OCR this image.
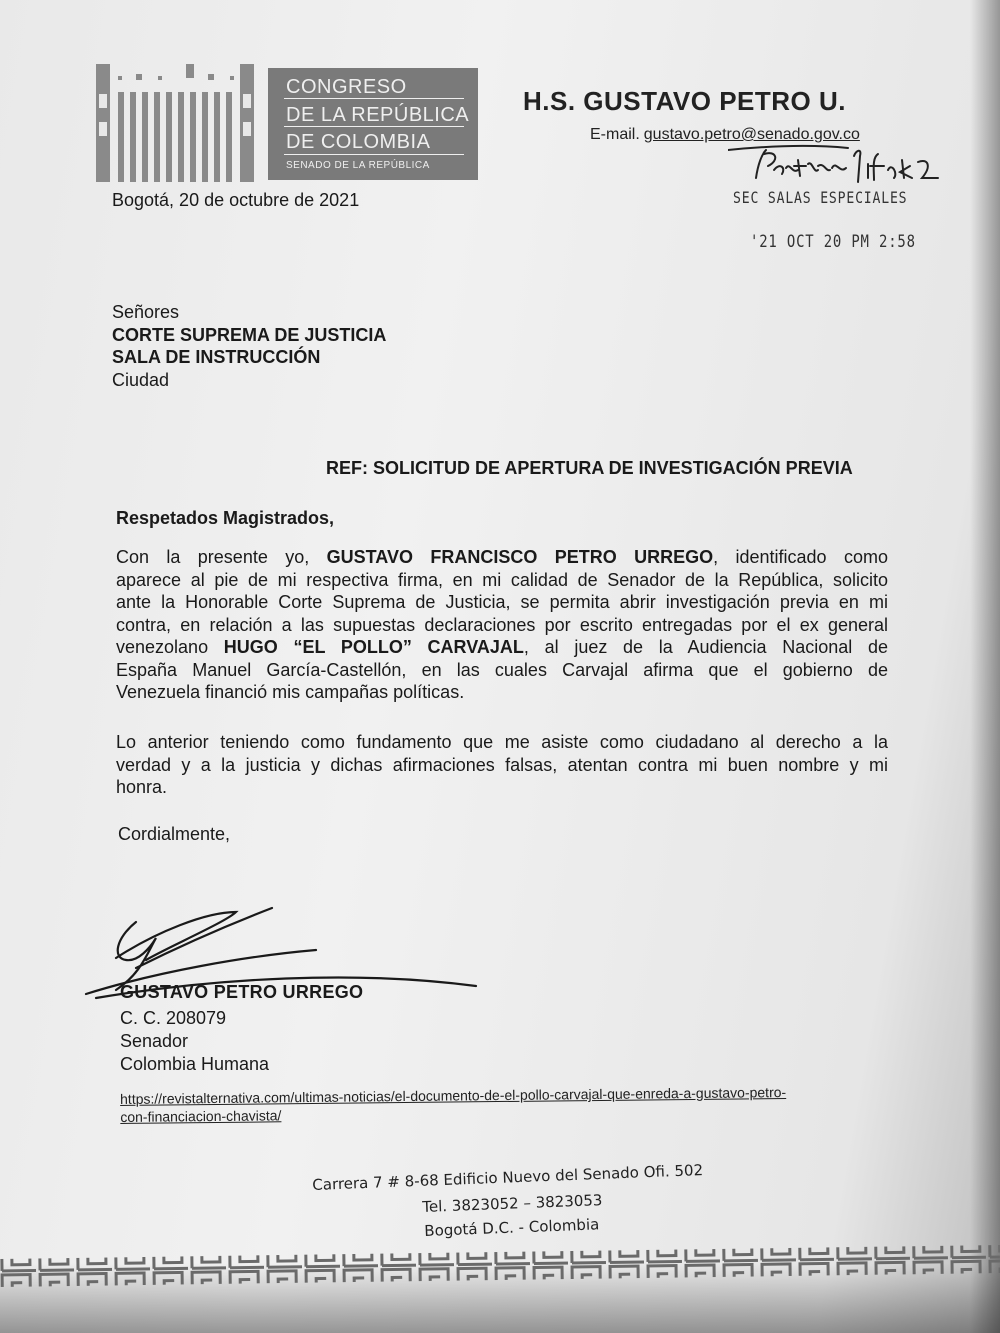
CONGRESO
DE LA REPÚBLICA
DE COLOMBIA
SENADO DE LA REPÚBLICA
H.S. GUSTAVO PETRO U.
E-mail. gustavo.petro@senado.gov.co
Bogotá, 20 de octubre de 2021	SEC SALAS ESPECIALES
'21 OCT 20 PM 2:58
Señores
CORTE SUPREMA DE JUSTICIA
SALA DE INSTRUCCIÓN
Ciudad
REF: SOLICITUD DE APERTURA DE INVESTIGACIÓN PREVIA
Respetados Magistrados,
Con la presente yo, GUSTAVO FRANCISCO PETRO URREGO, identificado como
aparece al pie de mi respectiva firma, en mi calidad de Senador de la República, solicito
ante la Honorable Corte Suprema de Justicia, se permita abrir investigación previa en mi
contra, en relación a las supuestas declaraciones por escrito entregadas por el ex general
venezolano HUGO “EL POLLO” CARVAJAL, al juez de la Audiencia Nacional de
España Manuel García-Castellón, en las cuales Carvajal afirma que el gobierno de
Venezuela financió mis campañas políticas.
Lo anterior teniendo como fundamento que me asiste como ciudadano al derecho a la
verdad y a la justicia y dichas afirmaciones falsas, atentan contra mi buen nombre y mi
honra.
Cordialmente,
GUSTAVO PETRO URREGO
C. C. 208079
Senador
Colombia Humana
https://revistalternativa.com/ultimas-noticias/el-documento-de-el-pollo-carvajal-que-enreda-a-gustavo-petro-
con-financiacion-chavista/
Carrera 7 # 8-68 Edificio Nuevo del Senado Ofi. 502
Tel. 3823052 – 3823053
Bogotá D.C. - Colombia
